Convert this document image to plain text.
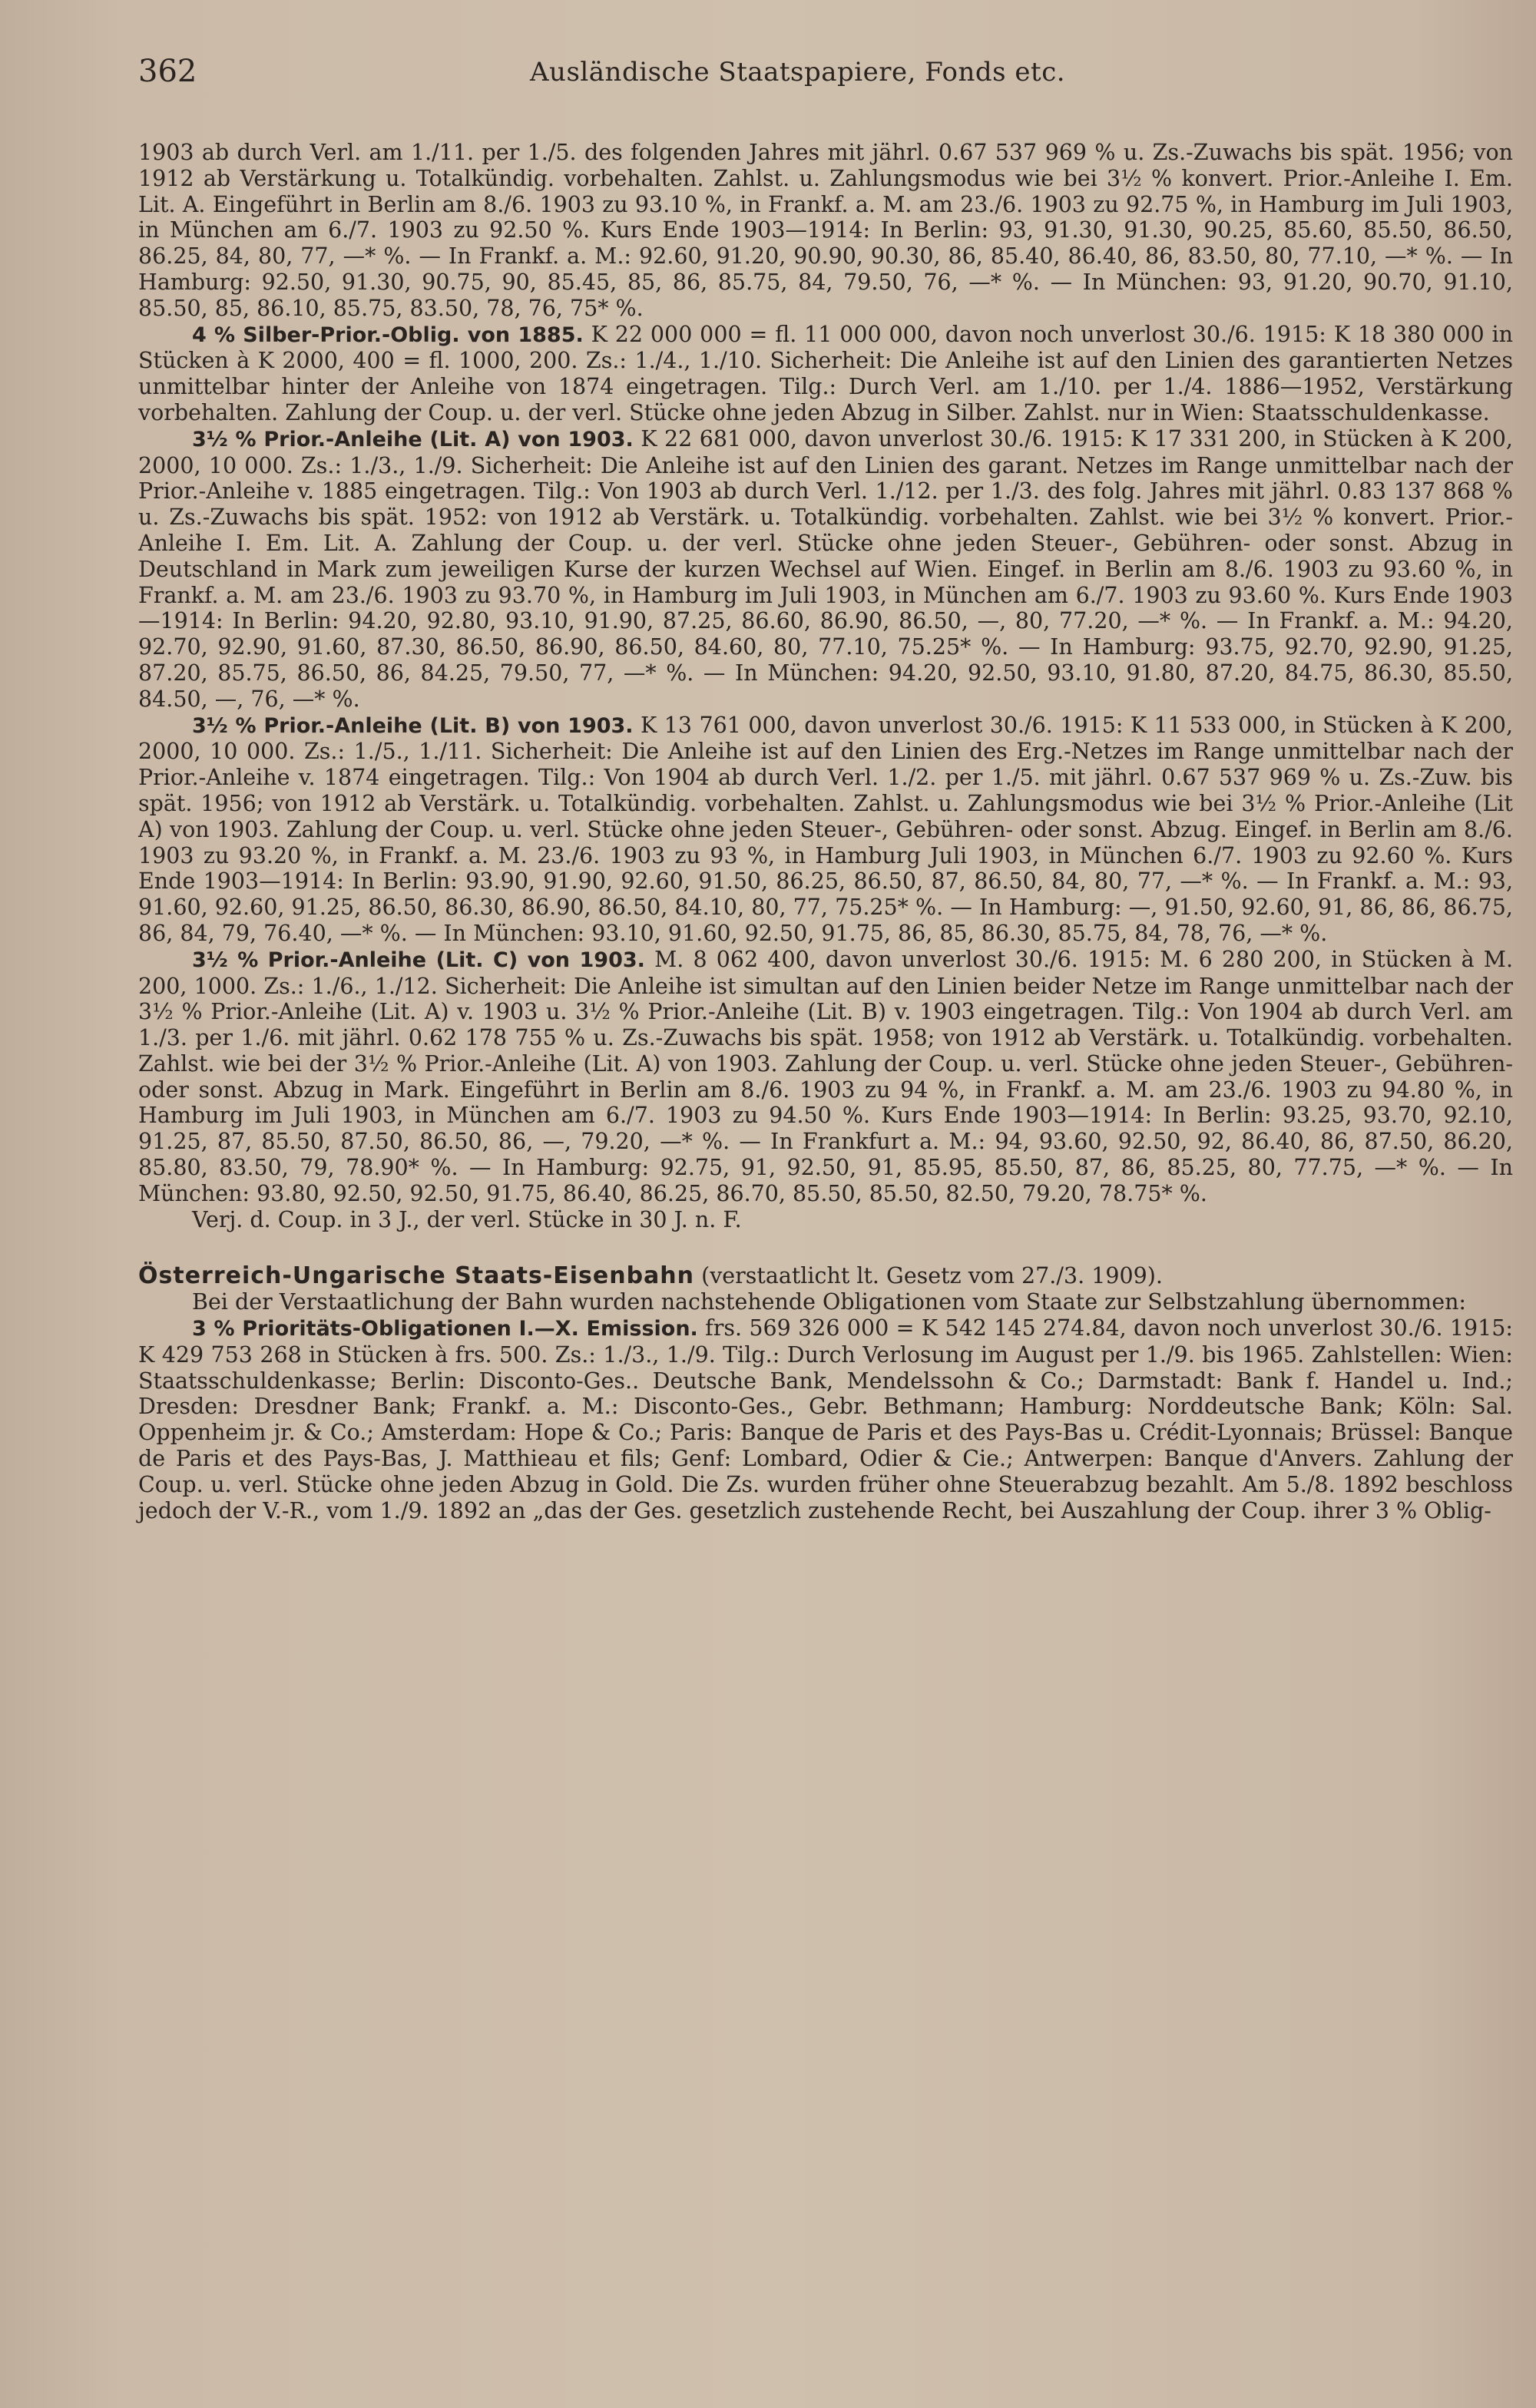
362	Ausländische Staatspapiere, Fonds etc.

1903 ab durch Verl. am 1./11. per 1./5. des folgenden Jahres mit jährl. 0.67 537 969 % u. Zs.-Zuwachs bis spät. 1956; von 1912 ab Verstärkung u. Totalkündig. vorbehalten. Zahlst. u. Zahlungsmodus wie bei 3½ % konvert. Prior.-Anleihe I. Em. Lit. A. Eingeführt in Berlin am 8./6. 1903 zu 93.10 %, in Frankf. a. M. am 23./6. 1903 zu 92.75 %, in Hamburg im Juli 1903, in München am 6./7. 1903 zu 92.50 %. Kurs Ende 1903—1914: In Berlin: 93, 91.30, 91.30, 90.25, 85.60, 85.50, 86.50, 86.25, 84, 80, 77, —* %. — In Frankf. a. M.: 92.60, 91.20, 90.90, 90.30, 86, 85.40, 86.40, 86, 83.50, 80, 77.10, —* %. — In Hamburg: 92.50, 91.30, 90.75, 90, 85.45, 85, 86, 85.75, 84, 79.50, 76, —* %. — In München: 93, 91.20, 90.70, 91.10, 85.50, 85, 86.10, 85.75, 83.50, 78, 76, 75* %.

4 % Silber-Prior.-Oblig. von 1885. K 22 000 000 = fl. 11 000 000, davon noch unverlost 30./6. 1915: K 18 380 000 in Stücken à K 2000, 400 = fl. 1000, 200. Zs.: 1./4., 1./10. Sicherheit: Die Anleihe ist auf den Linien des garantierten Netzes unmittelbar hinter der Anleihe von 1874 eingetragen. Tilg.: Durch Verl. am 1./10. per 1./4. 1886—1952, Verstärkung vorbehalten. Zahlung der Coup. u. der verl. Stücke ohne jeden Abzug in Silber. Zahlst. nur in Wien: Staatsschuldenkasse.

3½ % Prior.-Anleihe (Lit. A) von 1903. K 22 681 000, davon unverlost 30./6. 1915: K 17 331 200, in Stücken à K 200, 2000, 10 000. Zs.: 1./3., 1./9. Sicherheit: Die Anleihe ist auf den Linien des garant. Netzes im Range unmittelbar nach der Prior.-Anleihe v. 1885 eingetragen. Tilg.: Von 1903 ab durch Verl. 1./12. per 1./3. des folg. Jahres mit jährl. 0.83 137 868 % u. Zs.-Zuwachs bis spät. 1952: von 1912 ab Verstärk. u. Totalkündig. vorbehalten. Zahlst. wie bei 3½ % konvert. Prior.-Anleihe I. Em. Lit. A. Zahlung der Coup. u. der verl. Stücke ohne jeden Steuer-, Gebühren- oder sonst. Abzug in Deutschland in Mark zum jeweiligen Kurse der kurzen Wechsel auf Wien. Eingef. in Berlin am 8./6. 1903 zu 93.60 %, in Frankf. a. M. am 23./6. 1903 zu 93.70 %, in Hamburg im Juli 1903, in München am 6./7. 1903 zu 93.60 %. Kurs Ende 1903—1914: In Berlin: 94.20, 92.80, 93.10, 91.90, 87.25, 86.60, 86.90, 86.50, —, 80, 77.20, —* %. — In Frankf. a. M.: 94.20, 92.70, 92.90, 91.60, 87.30, 86.50, 86.90, 86.50, 84.60, 80, 77.10, 75.25* %. — In Hamburg: 93.75, 92.70, 92.90, 91.25, 87.20, 85.75, 86.50, 86, 84.25, 79.50, 77, —* %. — In München: 94.20, 92.50, 93.10, 91.80, 87.20, 84.75, 86.30, 85.50, 84.50, —, 76, —* %.

3½ % Prior.-Anleihe (Lit. B) von 1903. K 13 761 000, davon unverlost 30./6. 1915: K 11 533 000, in Stücken à K 200, 2000, 10 000. Zs.: 1./5., 1./11. Sicherheit: Die Anleihe ist auf den Linien des Erg.-Netzes im Range unmittelbar nach der Prior.-Anleihe v. 1874 eingetragen. Tilg.: Von 1904 ab durch Verl. 1./2. per 1./5. mit jährl. 0.67 537 969 % u. Zs.-Zuw. bis spät. 1956; von 1912 ab Verstärk. u. Totalkündig. vorbehalten. Zahlst. u. Zahlungsmodus wie bei 3½ % Prior.-Anleihe (Lit A) von 1903. Zahlung der Coup. u. verl. Stücke ohne jeden Steuer-, Gebühren- oder sonst. Abzug. Eingef. in Berlin am 8./6. 1903 zu 93.20 %, in Frankf. a. M. 23./6. 1903 zu 93 %, in Hamburg Juli 1903, in München 6./7. 1903 zu 92.60 %. Kurs Ende 1903—1914: In Berlin: 93.90, 91.90, 92.60, 91.50, 86.25, 86.50, 87, 86.50, 84, 80, 77, —* %. — In Frankf. a. M.: 93, 91.60, 92.60, 91.25, 86.50, 86.30, 86.90, 86.50, 84.10, 80, 77, 75.25* %. — In Hamburg: —, 91.50, 92.60, 91, 86, 86, 86.75, 86, 84, 79, 76.40, —* %. — In München: 93.10, 91.60, 92.50, 91.75, 86, 85, 86.30, 85.75, 84, 78, 76, —* %.

3½ % Prior.-Anleihe (Lit. C) von 1903. M. 8 062 400, davon unverlost 30./6. 1915: M. 6 280 200, in Stücken à M. 200, 1000. Zs.: 1./6., 1./12. Sicherheit: Die Anleihe ist simultan auf den Linien beider Netze im Range unmittelbar nach der 3½ % Prior.-Anleihe (Lit. A) v. 1903 u. 3½ % Prior.-Anleihe (Lit. B) v. 1903 eingetragen. Tilg.: Von 1904 ab durch Verl. am 1./3. per 1./6. mit jährl. 0.62 178 755 % u. Zs.-Zuwachs bis spät. 1958; von 1912 ab Verstärk. u. Totalkündig. vorbehalten. Zahlst. wie bei der 3½ % Prior.-Anleihe (Lit. A) von 1903. Zahlung der Coup. u. verl. Stücke ohne jeden Steuer-, Gebühren- oder sonst. Abzug in Mark. Eingeführt in Berlin am 8./6. 1903 zu 94 %, in Frankf. a. M. am 23./6. 1903 zu 94.80 %, in Hamburg im Juli 1903, in München am 6./7. 1903 zu 94.50 %. Kurs Ende 1903—1914: In Berlin: 93.25, 93.70, 92.10, 91.25, 87, 85.50, 87.50, 86.50, 86, —, 79.20, —* %. — In Frankfurt a. M.: 94, 93.60, 92.50, 92, 86.40, 86, 87.50, 86.20, 85.80, 83.50, 79, 78.90* %. — In Hamburg: 92.75, 91, 92.50, 91, 85.95, 85.50, 87, 86, 85.25, 80, 77.75, —* %. — In München: 93.80, 92.50, 92.50, 91.75, 86.40, 86.25, 86.70, 85.50, 85.50, 82.50, 79.20, 78.75* %.

Verj. d. Coup. in 3 J., der verl. Stücke in 30 J. n. F.

Österreich-Ungarische Staats-Eisenbahn (verstaatlicht lt. Gesetz vom 27./3. 1909).

Bei der Verstaatlichung der Bahn wurden nachstehende Obligationen vom Staate zur Selbstzahlung übernommen:

3 % Prioritäts-Obligationen I.—X. Emission. frs. 569 326 000 = K 542 145 274.84, davon noch unverlost 30./6. 1915: K 429 753 268 in Stücken à frs. 500. Zs.: 1./3., 1./9. Tilg.: Durch Verlosung im August per 1./9. bis 1965. Zahlstellen: Wien: Staatsschuldenkasse; Berlin: Disconto-Ges.. Deutsche Bank, Mendelssohn & Co.; Darmstadt: Bank f. Handel u. Ind.; Dresden: Dresdner Bank; Frankf. a. M.: Disconto-Ges., Gebr. Bethmann; Hamburg: Norddeutsche Bank; Köln: Sal. Oppenheim jr. & Co.; Amsterdam: Hope & Co.; Paris: Banque de Paris et des Pays-Bas u. Crédit-Lyonnais; Brüssel: Banque de Paris et des Pays-Bas, J. Matthieau et fils; Genf: Lombard, Odier & Cie.; Antwerpen: Banque d'Anvers. Zahlung der Coup. u. verl. Stücke ohne jeden Abzug in Gold. Die Zs. wurden früher ohne Steuerabzug bezahlt. Am 5./8. 1892 beschloss jedoch der V.-R., vom 1./9. 1892 an „das der Ges. gesetzlich zustehende Recht, bei Auszahlung der Coup. ihrer 3 % Oblig-
